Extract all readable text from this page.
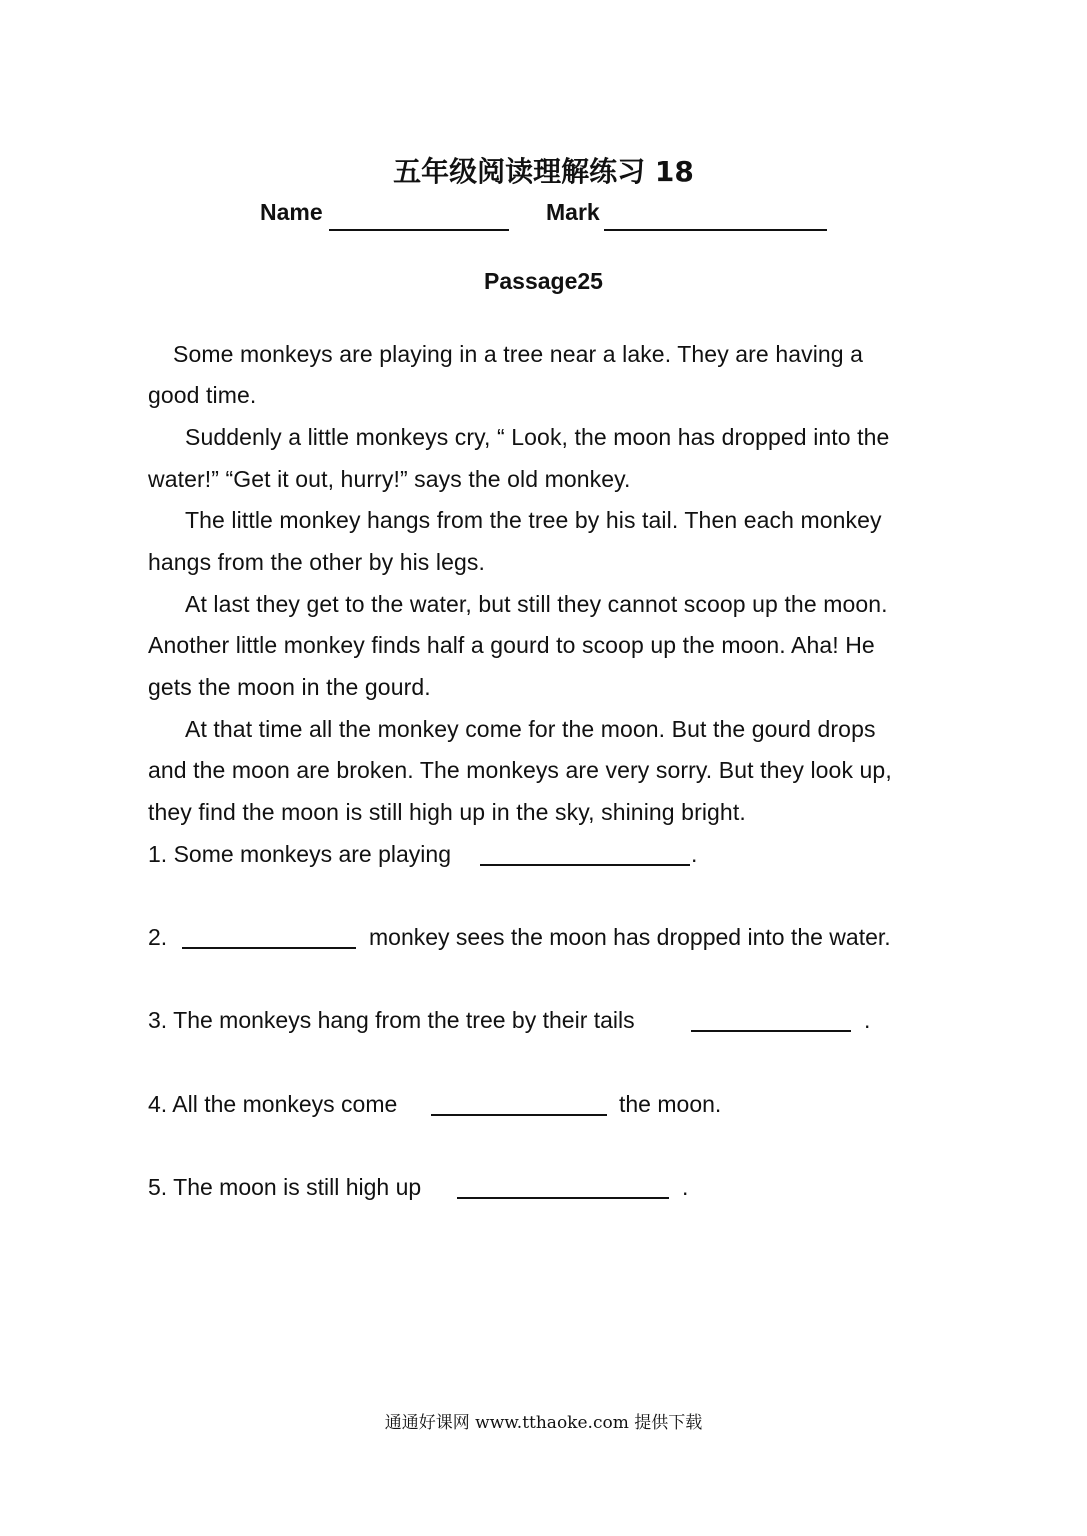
五年级阅读理解练习 18
Name	Mark
Passage25
Some monkeys are playing in a tree near a lake. They are having a
good time.
Suddenly a little monkeys cry, “ Look, the moon has dropped into the
water!” “Get it out, hurry!” says the old monkey.
The little monkey hangs from the tree by his tail. Then each monkey
hangs from the other by his legs.
At last they get to the water, but still they cannot scoop up the moon.
Another little monkey finds half a gourd to scoop up the moon. Aha! He
gets the moon in the gourd.
At that time all the monkey come for the moon. But the gourd drops
and the moon are broken. The monkeys are very sorry. But they look up,
they find the moon is still high up in the sky, shining bright.
1. Some monkeys are playing	.
2.	monkey sees the moon has dropped into the water.
3. The monkeys hang from the tree by their tails	.
4. All the monkeys come	the moon.
5. The moon is still high up	.
通通好课网 www.tthaoke.com 提供下载
